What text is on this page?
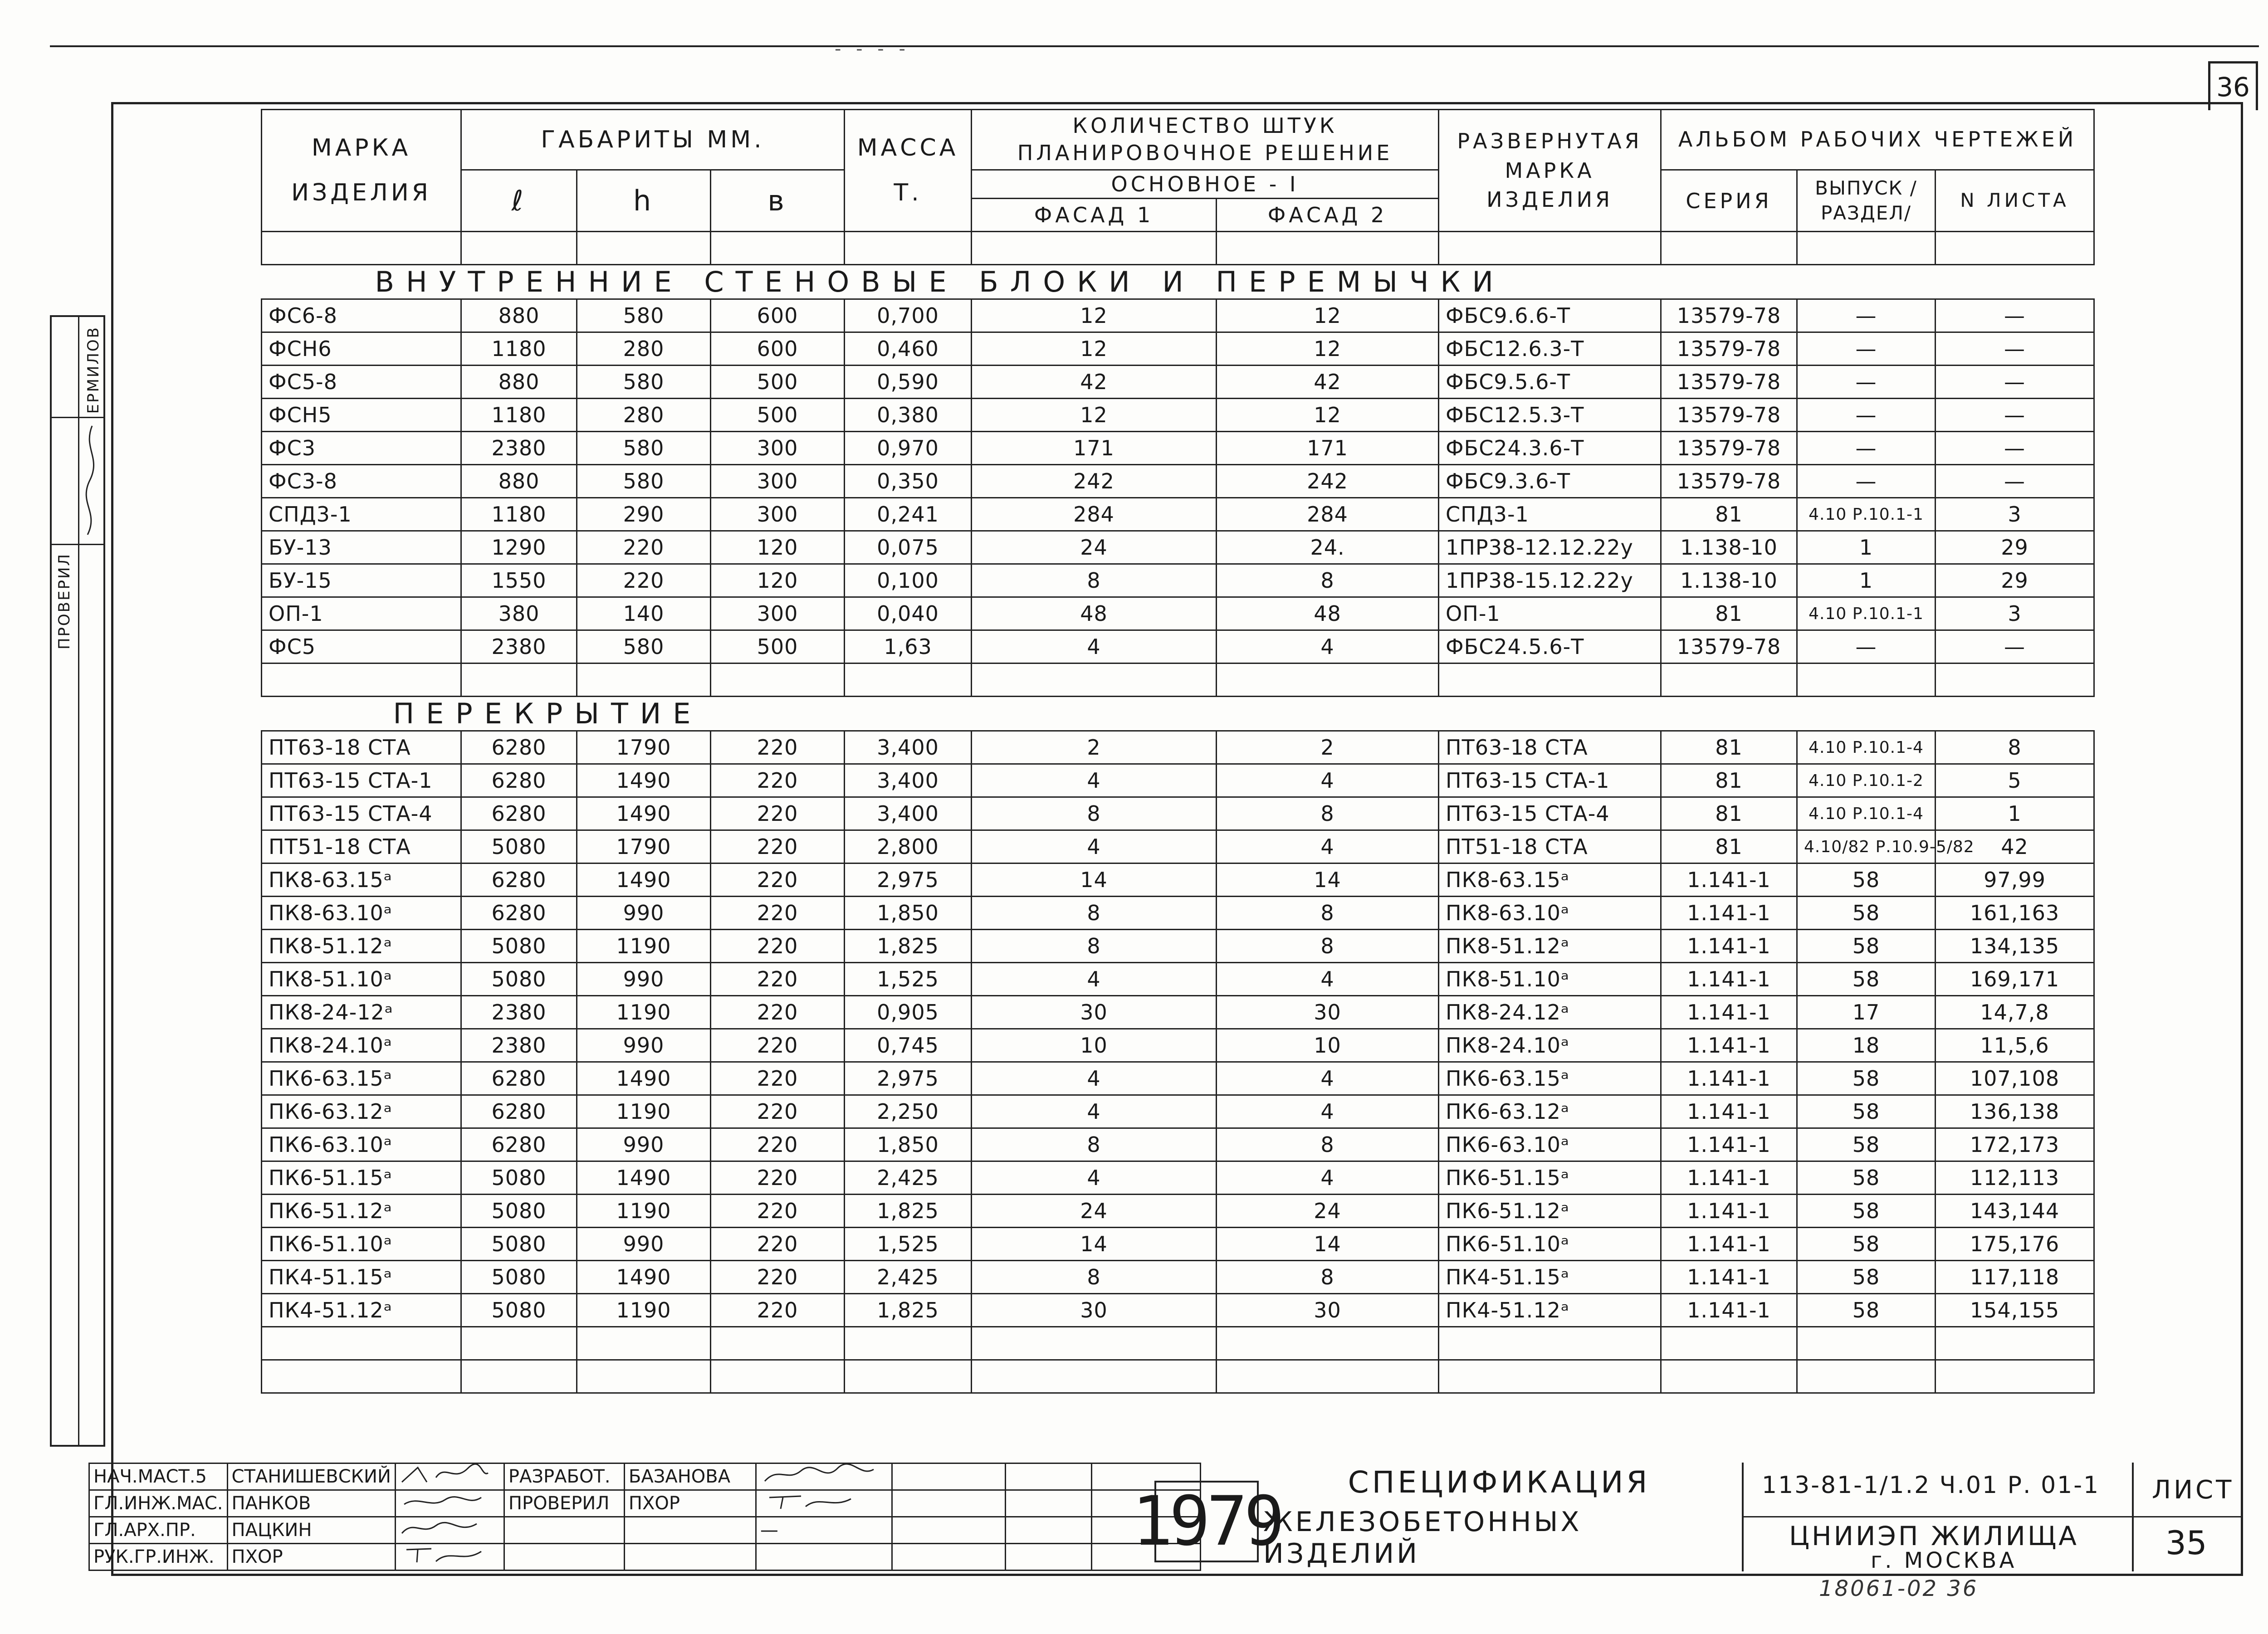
- - - -
36
ЕРМИЛОВ
ПРОВЕРИЛ
МАРКА ИЗДЕЛИЯ	ГАБАРИТЫ ММ.			МАССА
Т.	КОЛИЧЕСТВО ШТУК
ПЛАНИРОВОЧНОЕ РЕШЕНИЕ		РАЗВЕРНУТАЯ МАРКА ИЗДЕЛИЯ	АЛЬБОМ РАБОЧИХ ЧЕРТЕЖЕЙ		
	ℓ	h	в		ОСНОВНОЕ - I			СЕРИЯ	ВЫПУСК /РАЗДЕЛ/	N ЛИСТА
					ФАСАД 1	ФАСАД 2				

ВНУТРЕННИЕ СТЕНОВЫЕ БЛОКИ И ПЕРЕМЫЧКИ										
ФС6-8	880	580	600	0,700	12	12	ФБС9.6.6-Т	13579-78	—	—
ФСН6	1180	280	600	0,460	12	12	ФБС12.6.3-Т	13579-78	—	—
ФС5-8	880	580	500	0,590	42	42	ФБС9.5.6-Т	13579-78	—	—
ФСН5	1180	280	500	0,380	12	12	ФБС12.5.3-Т	13579-78	—	—
ФС3	2380	580	300	0,970	171	171	ФБС24.3.6-Т	13579-78	—	—
ФС3-8	880	580	300	0,350	242	242	ФБС9.3.6-Т	13579-78	—	—
СПД3-1	1180	290	300	0,241	284	284	СПД3-1	81	4.10 Р.10.1-1	3
БУ-13	1290	220	120	0,075	24	24.	1ПР38-12.12.22у	1.138-10	1	29
БУ-15	1550	220	120	0,100	8	8	1ПР38-15.12.22у	1.138-10	1	29
ОП-1	380	140	300	0,040	48	48	ОП-1	81	4.10 Р.10.1-1	3
ФС5	2380	580	500	1,63	4	4	ФБС24.5.6-Т	13579-78	—	—

ПЕРЕКРЫТИЕ										
ПТ63-18 СТА	6280	1790	220	3,400	2	2	ПТ63-18 СТА	81	4.10 Р.10.1-4	8
ПТ63-15 СТА-1	6280	1490	220	3,400	4	4	ПТ63-15 СТА-1	81	4.10 Р.10.1-2	5
ПТ63-15 СТА-4	6280	1490	220	3,400	8	8	ПТ63-15 СТА-4	81	4.10 Р.10.1-4	1
ПТ51-18 СТА	5080	1790	220	2,800	4	4	ПТ51-18 СТА	81	4.10/82 Р.10.9-5/82	42
ПК8-63.15ᵃ	6280	1490	220	2,975	14	14	ПК8-63.15ᵃ	1.141-1	58	97,99
ПК8-63.10ᵃ	6280	990	220	1,850	8	8	ПК8-63.10ᵃ	1.141-1	58	161,163
ПК8-51.12ᵃ	5080	1190	220	1,825	8	8	ПК8-51.12ᵃ	1.141-1	58	134,135
ПК8-51.10ᵃ	5080	990	220	1,525	4	4	ПК8-51.10ᵃ	1.141-1	58	169,171
ПК8-24-12ᵃ	2380	1190	220	0,905	30	30	ПК8-24.12ᵃ	1.141-1	17	14,7,8
ПК8-24.10ᵃ	2380	990	220	0,745	10	10	ПК8-24.10ᵃ	1.141-1	18	11,5,6
ПК6-63.15ᵃ	6280	1490	220	2,975	4	4	ПК6-63.15ᵃ	1.141-1	58	107,108
ПК6-63.12ᵃ	6280	1190	220	2,250	4	4	ПК6-63.12ᵃ	1.141-1	58	136,138
ПК6-63.10ᵃ	6280	990	220	1,850	8	8	ПК6-63.10ᵃ	1.141-1	58	172,173
ПК6-51.15ᵃ	5080	1490	220	2,425	4	4	ПК6-51.15ᵃ	1.141-1	58	112,113
ПК6-51.12ᵃ	5080	1190	220	1,825	24	24	ПК6-51.12ᵃ	1.141-1	58	143,144
ПК6-51.10ᵃ	5080	990	220	1,525	14	14	ПК6-51.10ᵃ	1.141-1	58	175,176
ПК4-51.15ᵃ	5080	1490	220	2,425	8	8	ПК4-51.15ᵃ	1.141-1	58	117,118
ПК4-51.12ᵃ	5080	1190	220	1,825	30	30	ПК4-51.12ᵃ	1.141-1	58	154,155

НАЧ.МАСТ.5	СТАНИШЕВСКИЙ		РАЗРАБОТ.	БАЗАНОВА				
ГЛ.ИНЖ.МАС.	ПАНКОВ		ПРОВЕРИЛ	ПХОР				
ГЛ.АРХ.ПР.	ПАЦКИН				—			
РУК.ГР.ИНЖ.	ПХОР								1979 СПЕЦИФИКАЦИЯ
ЖЕЛЕЗОБЕТОННЫХ ИЗДЕЛИЙ
113-81-1/1.2 Ч.01 Р. 01-1
ЦНИИЭП ЖИЛИЩА
г. МОСКВА
ЛИСТ
35
18061-02 36
